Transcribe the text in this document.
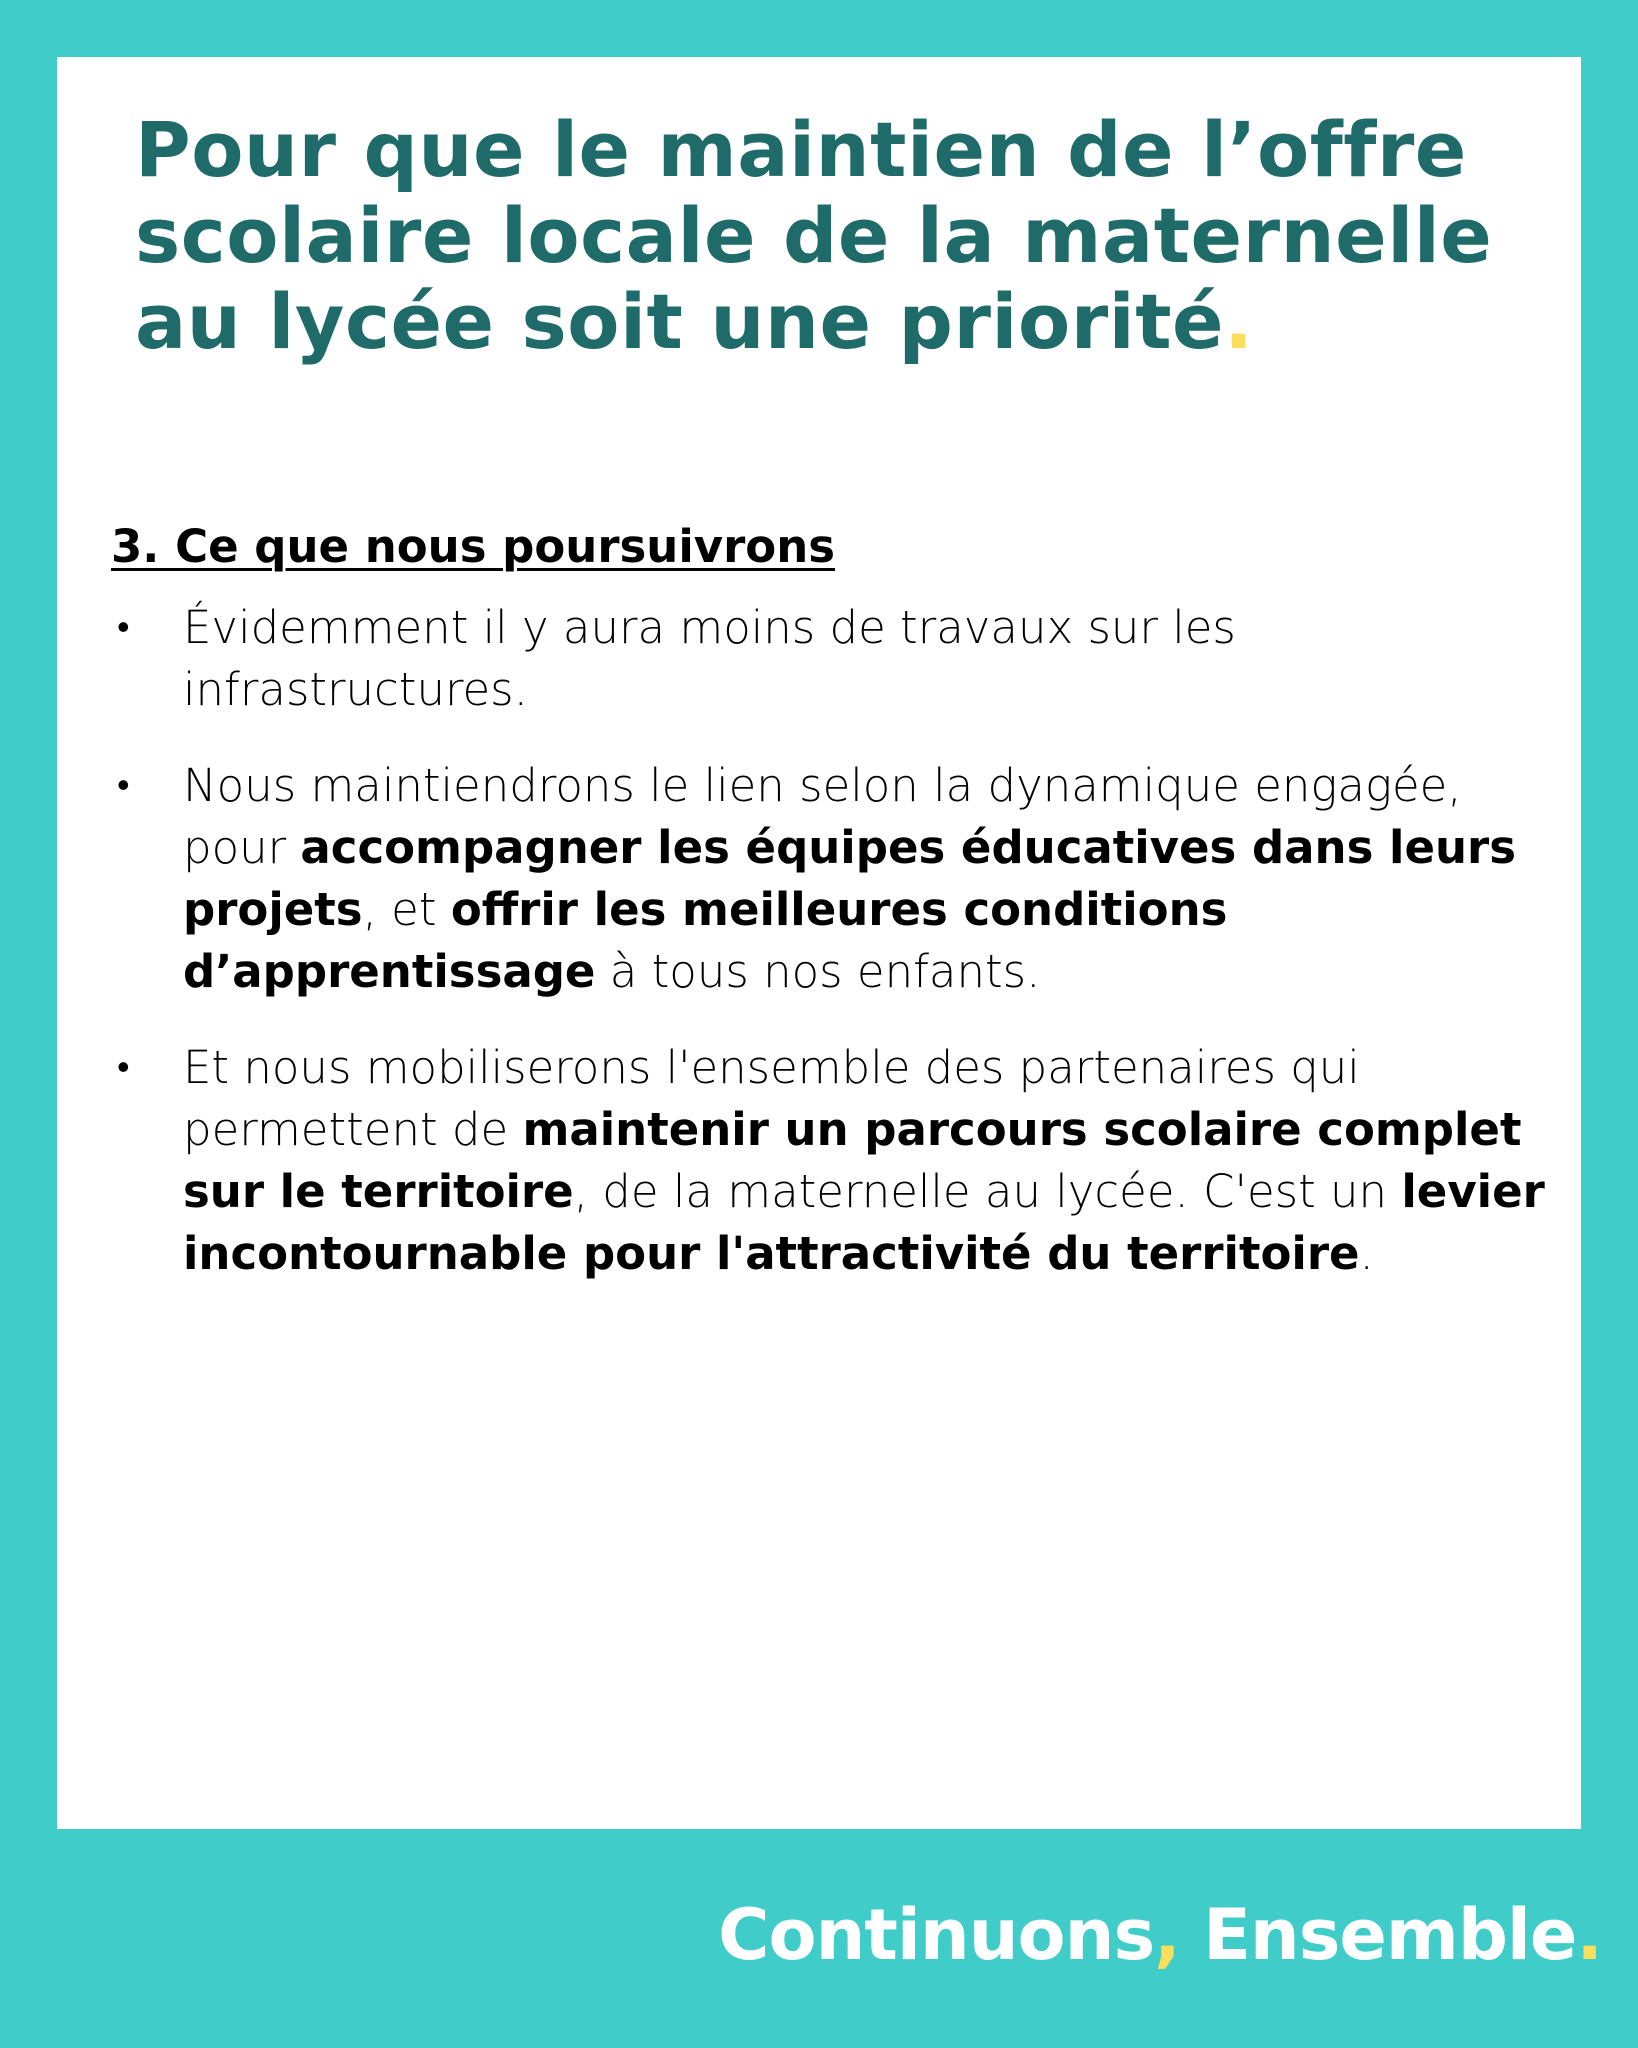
Pour que le maintien de l’offre scolaire locale de la maternelle au lycée soit une priorité.
3. Ce que nous poursuivrons
• Évidemment il y aura moins de travaux sur les infrastructures.
• Nous maintiendrons le lien selon la dynamique engagée, pour accompagner les équipes éducatives dans leurs projets, et offrir les meilleures conditions d’apprentissage à tous nos enfants.
• Et nous mobiliserons l'ensemble des partenaires qui permettent de maintenir un parcours scolaire complet sur le territoire, de la maternelle au lycée. C'est un levier incontournable pour l'attractivité du territoire.
Continuons, Ensemble.
